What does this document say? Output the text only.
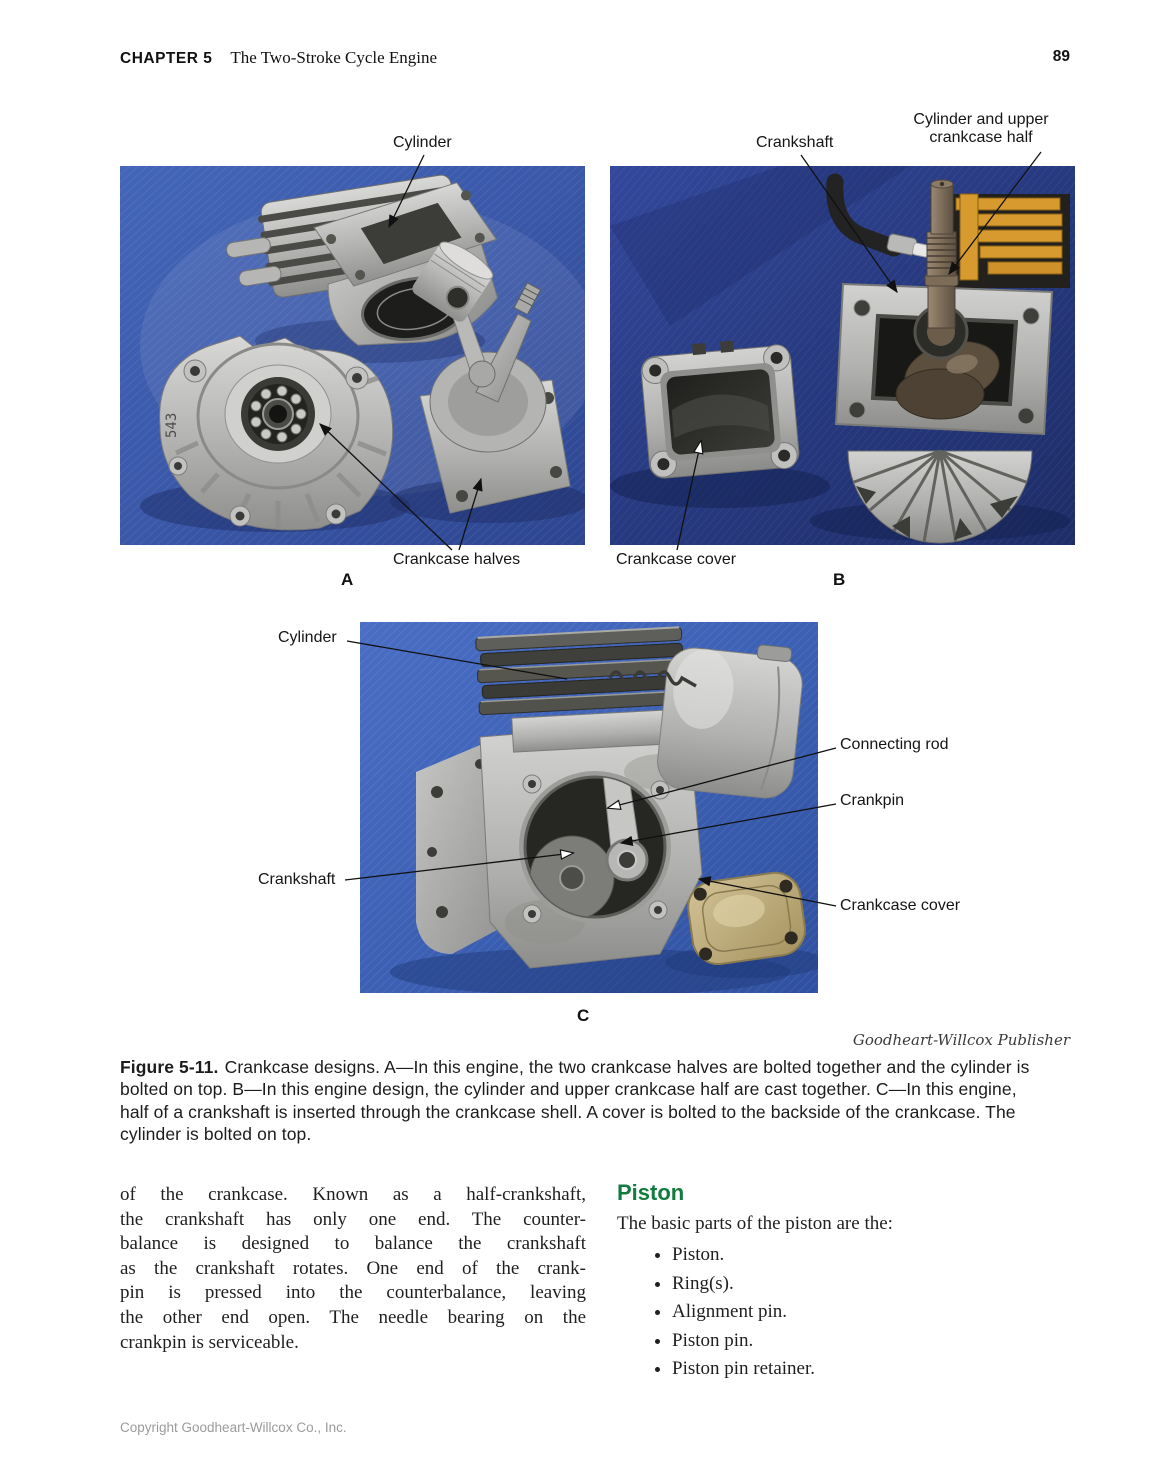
CHAPTER 5 The Two-Stroke Cycle Engine	89
543
A	B
C
Cylinder
Crankcase halves
Crankshaft
Cylinder and upper
crankcase half
Crankcase cover
Cylinder
Connecting rod
Crankpin
Crankshaft
Crankcase cover
Goodheart-Willcox Publisher
Figure 5-11. Crankcase designs. A—In this engine, the two crankcase halves are bolted together and the cylinder is bolted on top. B—In this engine design, the cylinder and upper crankcase half are cast together. C—In this engine, half of a crankshaft is inserted through the crankcase shell. A cover is bolted to the backside of the crankcase. The cylinder is bolted on top.
of the crankcase. Known as a half-crankshaft,
the crankshaft has only one end. The counter-
balance is designed to balance the crankshaft
as the crankshaft rotates. One end of the crank-
pin is pressed into the counterbalance, leaving
the other end open. The needle bearing on the
crankpin is serviceable.
Piston
The basic parts of the piston are the:
• Piston.
• Ring(s).
• Alignment pin.
• Piston pin.
• Piston pin retainer.
Copyright Goodheart-Willcox Co., Inc.
